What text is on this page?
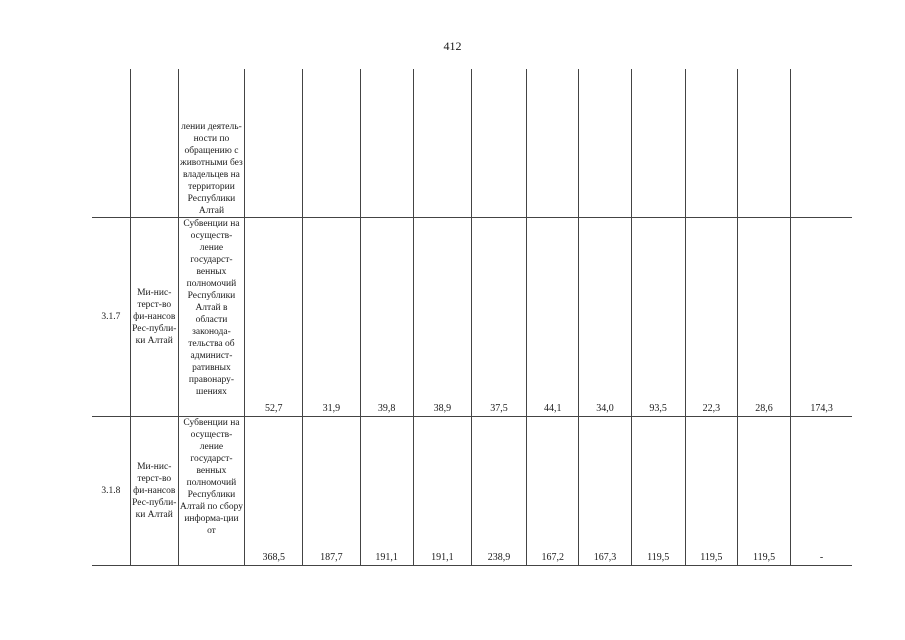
412
		лении деятель-ности по обращению с животными без владельцев на территории Республики Алтай											
3.1.7	Ми-нис-терст-во фи-нансов Рес-публи-ки Алтай	Субвенции на осуществ-ление государст-венных полномочий Республики Алтай в области законода-тельства об админист-ративных правонару-шениях	52,7	31,9	39,8	38,9	37,5	44,1	34,0	93,5	22,3	28,6	174,3
3.1.8	Ми-нис-терст-во фи-нансов Рес-публи-ки Алтай	Субвенции на осуществ-ление государст-венных полномочий Республики Алтай по сбору информа-ции от	368,5	187,7	191,1	191,1	238,9	167,2	167,3	119,5	119,5	119,5	-
